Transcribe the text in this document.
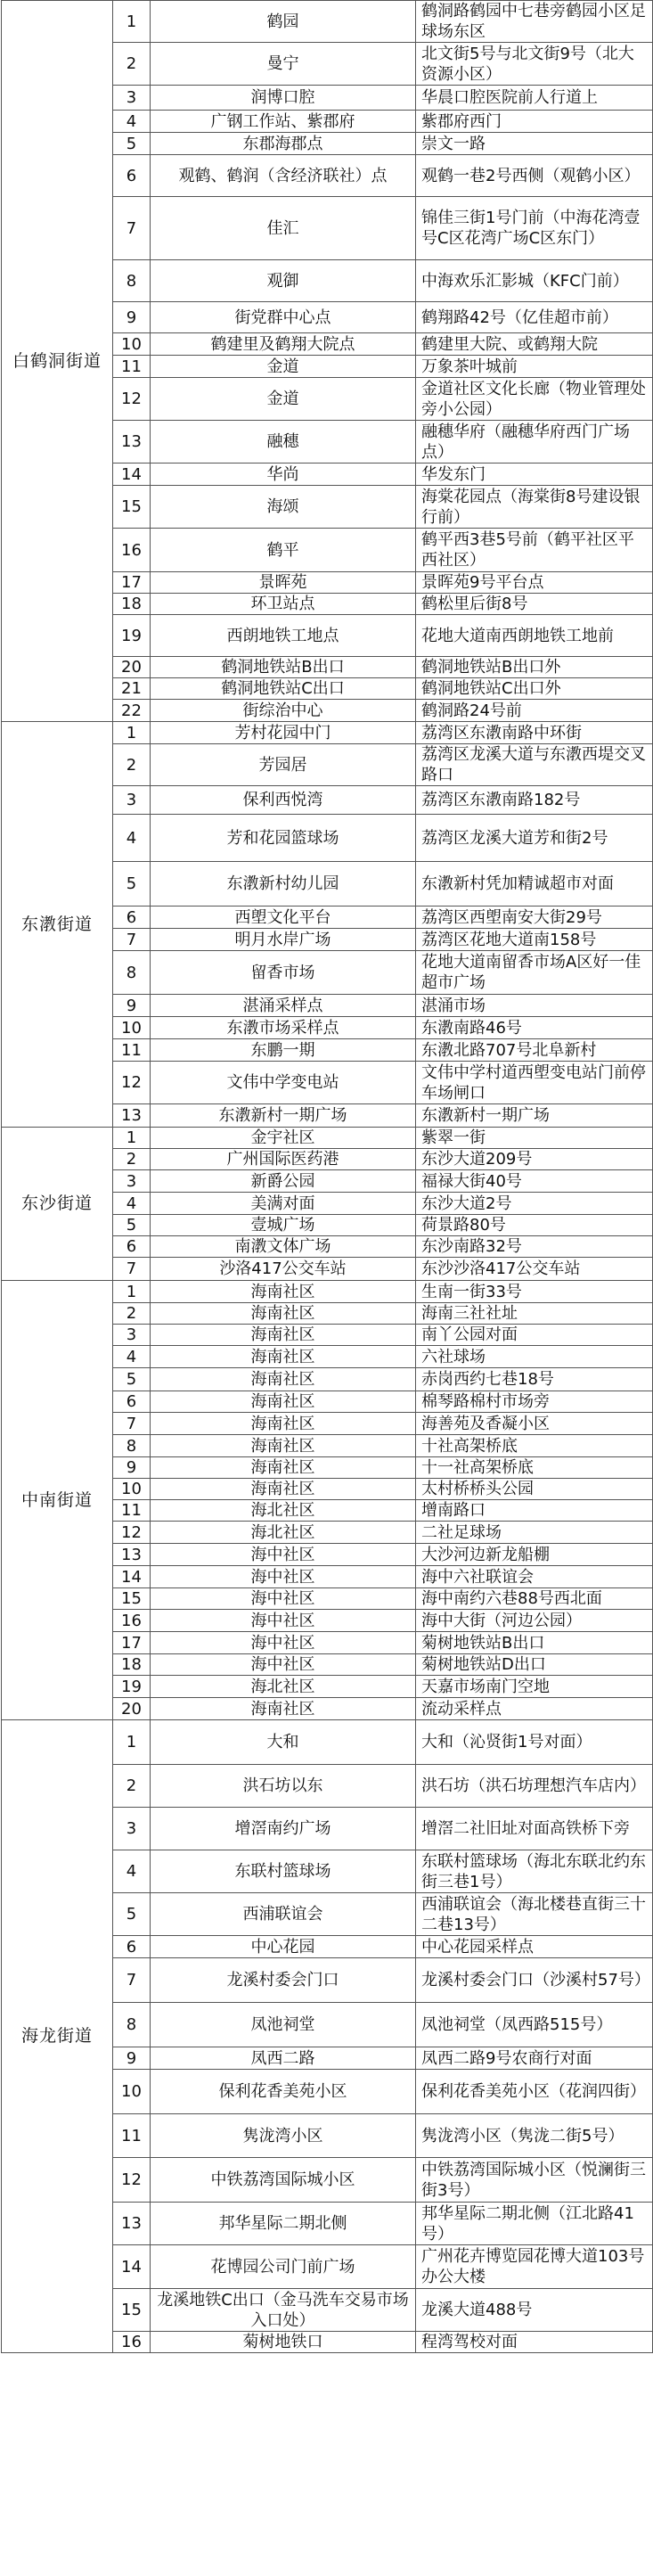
白鹤洞街道	1	鹤园	鹤洞路鹤园中七巷旁鹤园小区足球场东区
	2	曼宁	北文街5号与北文街9号（北大资源小区）
	3	润博口腔	华晨口腔医院前人行道上
	4	广钢工作站、紫郡府	紫郡府西门
	5	东郡海郡点	崇文一路
	6	观鹤、鹤润（含经济联社）点	观鹤一巷2号西侧（观鹤小区）
	7	佳汇	锦佳三街1号门前（中海花湾壹号C区花湾广场C区东门）
	8	观御	中海欢乐汇影城（KFC门前）
	9	街党群中心点	鹤翔路42号（亿佳超市前）
	10	鹤建里及鹤翔大院点	鹤建里大院、或鹤翔大院
	11	金道	万象茶叶城前
	12	金道	金道社区文化长廊（物业管理处旁小公园）
	13	融穗	融穗华府（融穗华府西门广场点）
	14	华尚	华发东门
	15	海颂	海棠花园点（海棠街8号建设银行前）
	16	鹤平	鹤平西3巷5号前（鹤平社区平西社区）
	17	景晖苑	景晖苑9号平台点
	18	环卫站点	鹤松里后街8号
	19	西朗地铁工地点	花地大道南西朗地铁工地前
	20	鹤洞地铁站B出口	鹤洞地铁站B出口外
	21	鹤洞地铁站C出口	鹤洞地铁站C出口外
	22	街综治中心	鹤洞路24号前
东漖街道	1	芳村花园中门	荔湾区东漖南路中环街
	2	芳园居	荔湾区龙溪大道与东漖西堤交叉路口
	3	保利西悦湾	荔湾区东漖南路182号
	4	芳和花园篮球场	荔湾区龙溪大道芳和街2号
	5	东漖新村幼儿园	东漖新村凭加精诚超市对面
	6	西塱文化平台	荔湾区西塱南安大街29号
	7	明月水岸广场	荔湾区花地大道南158号
	8	留香市场	花地大道南留香市场A区好一佳超市广场
	9	湛涌采样点	湛涌市场
	10	东漖市场采样点	东漖南路46号
	11	东鹏一期	东漖北路707号北阜新村
	12	文伟中学变电站	文伟中学村道西塱变电站门前停车场闸口
	13	东漖新村一期广场	东漖新村一期广场
东沙街道	1	金宇社区	紫翠一街
	2	广州国际医药港	东沙大道209号
	3	新爵公园	福禄大街40号
	4	美满对面	东沙大道2号
	5	壹城广场	荷景路80号
	6	南漖文体广场	东沙南路32号
	7	沙洛417公交车站	东沙沙洛417公交车站
中南街道	1	海南社区	生南一街33号
	2	海南社区	海南三社社址
	3	海南社区	南丫公园对面
	4	海南社区	六社球场
	5	海南社区	赤岗西约七巷18号
	6	海南社区	棉琴路棉村市场旁
	7	海南社区	海善苑及香凝小区
	8	海南社区	十社高架桥底
	9	海南社区	十一社高架桥底
	10	海南社区	太村桥桥头公园
	11	海北社区	增南路口
	12	海北社区	二社足球场
	13	海中社区	大沙河边新龙船棚
	14	海中社区	海中六社联谊会
	15	海中社区	海中南约六巷88号西北面
	16	海中社区	海中大街（河边公园）
	17	海中社区	菊树地铁站B出口
	18	海中社区	菊树地铁站D出口
	19	海北社区	天嘉市场南门空地
	20	海南社区	流动采样点
海龙街道	1	大和	大和（沁贤街1号对面）
	2	洪石坊以东	洪石坊（洪石坊理想汽车店内）
	3	增滘南约广场	增滘二社旧址对面高铁桥下旁
	4	东联村篮球场	东联村篮球场（海北东联北约东街三巷1号）
	5	西浦联谊会	西浦联谊会（海北楼巷直街三十二巷13号）
	6	中心花园	中心花园采样点
	7	龙溪村委会门口	龙溪村委会门口（沙溪村57号）
	8	凤池祠堂	凤池祠堂（凤西路515号）
	9	凤西二路	凤西二路9号农商行对面
	10	保利花香美苑小区	保利花香美苑小区（花润四街）
	11	隽泷湾小区	隽泷湾小区（隽泷二街5号）
	12	中铁荔湾国际城小区	中铁荔湾国际城小区（悦澜街三街3号）
	13	邦华星际二期北侧	邦华星际二期北侧（江北路41号）
	14	花博园公司门前广场	广州花卉博览园花博大道103号办公大楼
	15	龙溪地铁C出口（金马洗车交易市场入口处）	龙溪大道488号
	16	菊树地铁口	程湾驾校对面
